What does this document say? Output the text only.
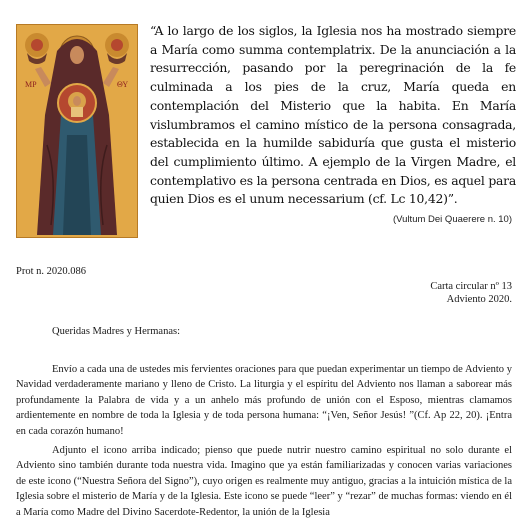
MP	ΘΥ
“A lo largo de los siglos, la Iglesia nos ha mostrado siempre a María como summa contemplatrix. De la anunciación a la resurrección, pasando por la peregrinación de la fe culminada a los pies de la cruz, María queda en contemplación del Misterio que la habita. En María vislumbramos el camino místico de la persona consagrada, establecida en la humilde sabiduría que gusta el misterio del cumplimiento último. A ejemplo de la Virgen Madre, el contemplativo es la persona centrada en Dios, es aquel para quien Dios es el unum necessarium (cf. Lc 10,42)”.
(Vultum Dei Quaerere n. 10)
Prot n. 2020.086
Carta circular nº 13
Adviento 2020.
Queridas Madres y Hermanas:

Envío a cada una de ustedes mis fervientes oraciones para que puedan experimentar un tiempo de Adviento y Navidad verdaderamente mariano y lleno de Cristo. La liturgia y el espíritu del Adviento nos llaman a saborear más profundamente la Palabra de vida y a un anhelo más profundo de unión con el Esposo, mientras clamamos ardientemente en nombre de toda la Iglesia y de toda persona humana: “¡Ven, Señor Jesús! ”(Cf. Ap 22, 20). ¡Entra en cada corazón humano!

Adjunto el icono arriba indicado; pienso que puede nutrir nuestro camino espiritual no solo durante el Adviento sino también durante toda nuestra vida. Imagino que ya están familiarizadas y conocen varias variaciones de este icono (“Nuestra Señora del Signo”), cuyo origen es realmente muy antiguo, gracias a la intuición mística de la Iglesia sobre el misterio de María y de la Iglesia. Este icono se puede “leer” y “rezar” de muchas formas: viendo en él a María como Madre del Divino Sacerdote-Redentor, la unión de la Iglesia
